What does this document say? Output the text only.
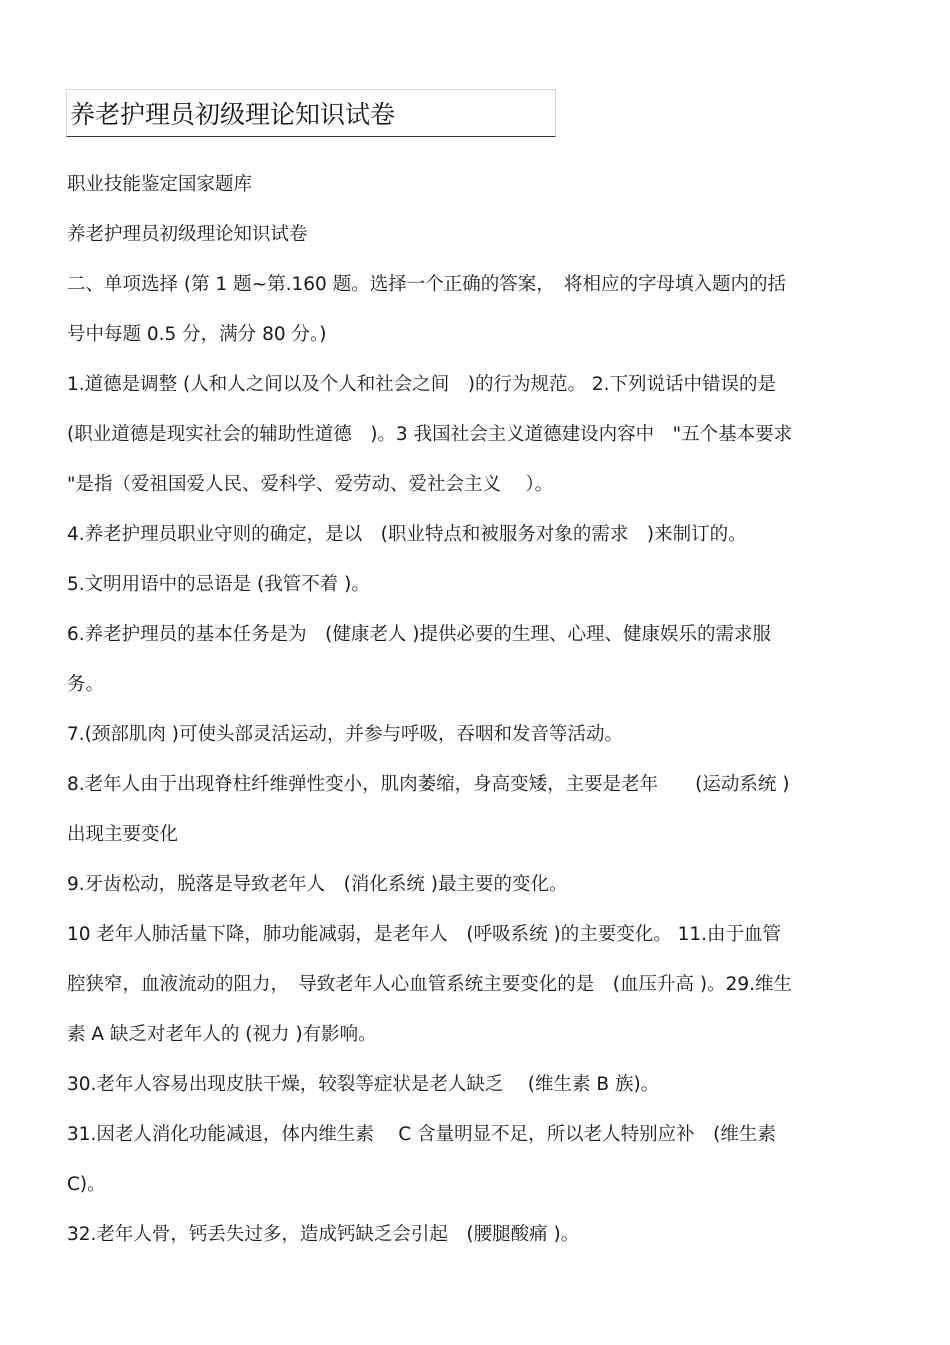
养老护理员初级理论知识试卷

职业技能鉴定国家题库

养老护理员初级理论知识试卷

二、单项选择 (第 1 题~第.160 题。选择一个正确的答案，　将相应的字母填入题内的括

号中每题 0.5 分，满分 80 分。)

1.道德是调整 (人和人之间以及个人和社会之间　)的行为规范。 2.下列说话中错误的是

(职业道德是现实社会的辅助性道德　)。3 我国社会主义道德建设内容中　"五个基本要求

"是指（爱祖国爱人民、爱科学、爱劳动、爱社会主义　 ）。

4.养老护理员职业守则的确定，是以　(职业特点和被服务对象的需求　)来制订的。

5.文明用语中的忌语是 (我管不着 )。

6.养老护理员的基本任务是为　(健康老人 )提供必要的生理、心理、健康娱乐的需求服

务。

7.(颈部肌肉 )可使头部灵活运动，并参与呼吸，吞咽和发音等活动。

8.老年人由于出现脊柱纤维弹性变小，肌肉萎缩，身高变矮，主要是老年　　(运动系统 )

出现主要变化

9.牙齿松动，脱落是导致老年人　(消化系统 )最主要的变化。

10 老年人肺活量下降，肺功能减弱，是老年人　(呼吸系统 )的主要变化。 11.由于血管

腔狭窄，血液流动的阻力，　导致老年人心血管系统主要变化的是　(血压升高 )。29.维生

素 A 缺乏对老年人的 (视力 )有影响。

30.老年人容易出现皮肤干燥，较裂等症状是老人缺乏　 (维生素 B 族)。

31.因老人消化功能减退，体内维生素　 C 含量明显不足，所以老人特别应补　(维生素

C)。

32.老年人骨，钙丢失过多，造成钙缺乏会引起　(腰腿酸痛 )。
